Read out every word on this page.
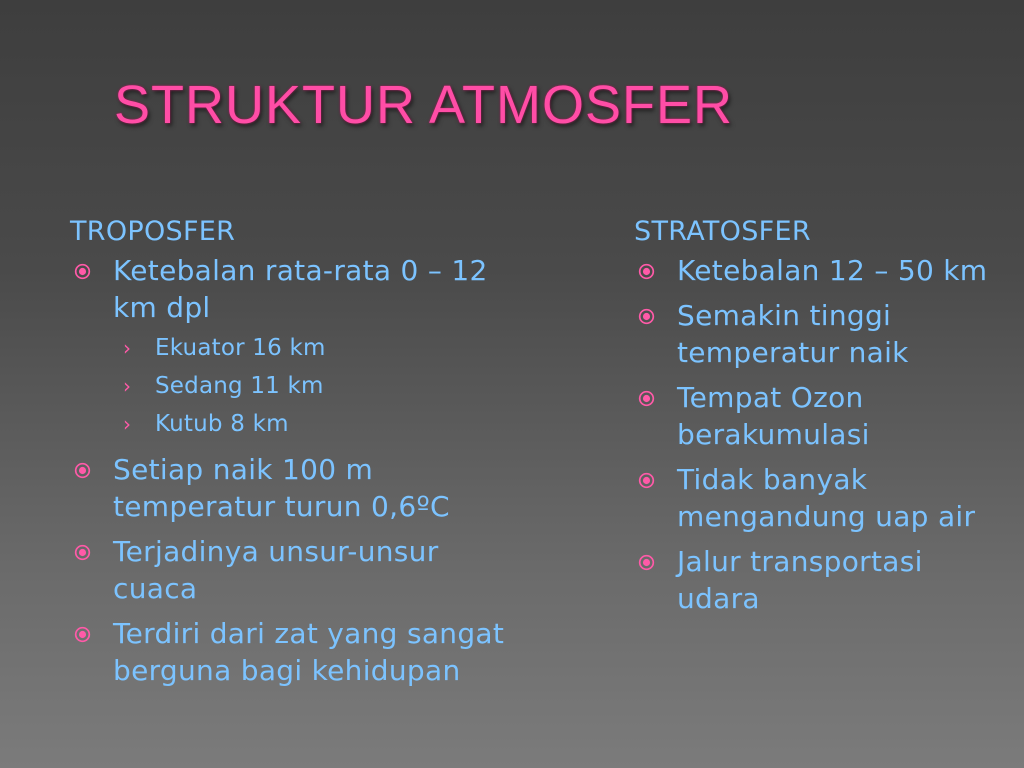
STRUKTUR ATMOSFER
TROPOSFER
Ketebalan rata-rata 0 – 12 km dpl
› Ekuator 16 km
› Sedang 11 km
› Kutub 8 km
Setiap naik 100 m temperatur turun 0,6ºC
Terjadinya unsur-unsur cuaca
Terdiri dari zat yang sangat berguna bagi kehidupan
STRATOSFER
Ketebalan 12 – 50 km
Semakin tinggi temperatur naik
Tempat Ozon berakumulasi
Tidak banyak mengandung uap air
Jalur transportasi udara
